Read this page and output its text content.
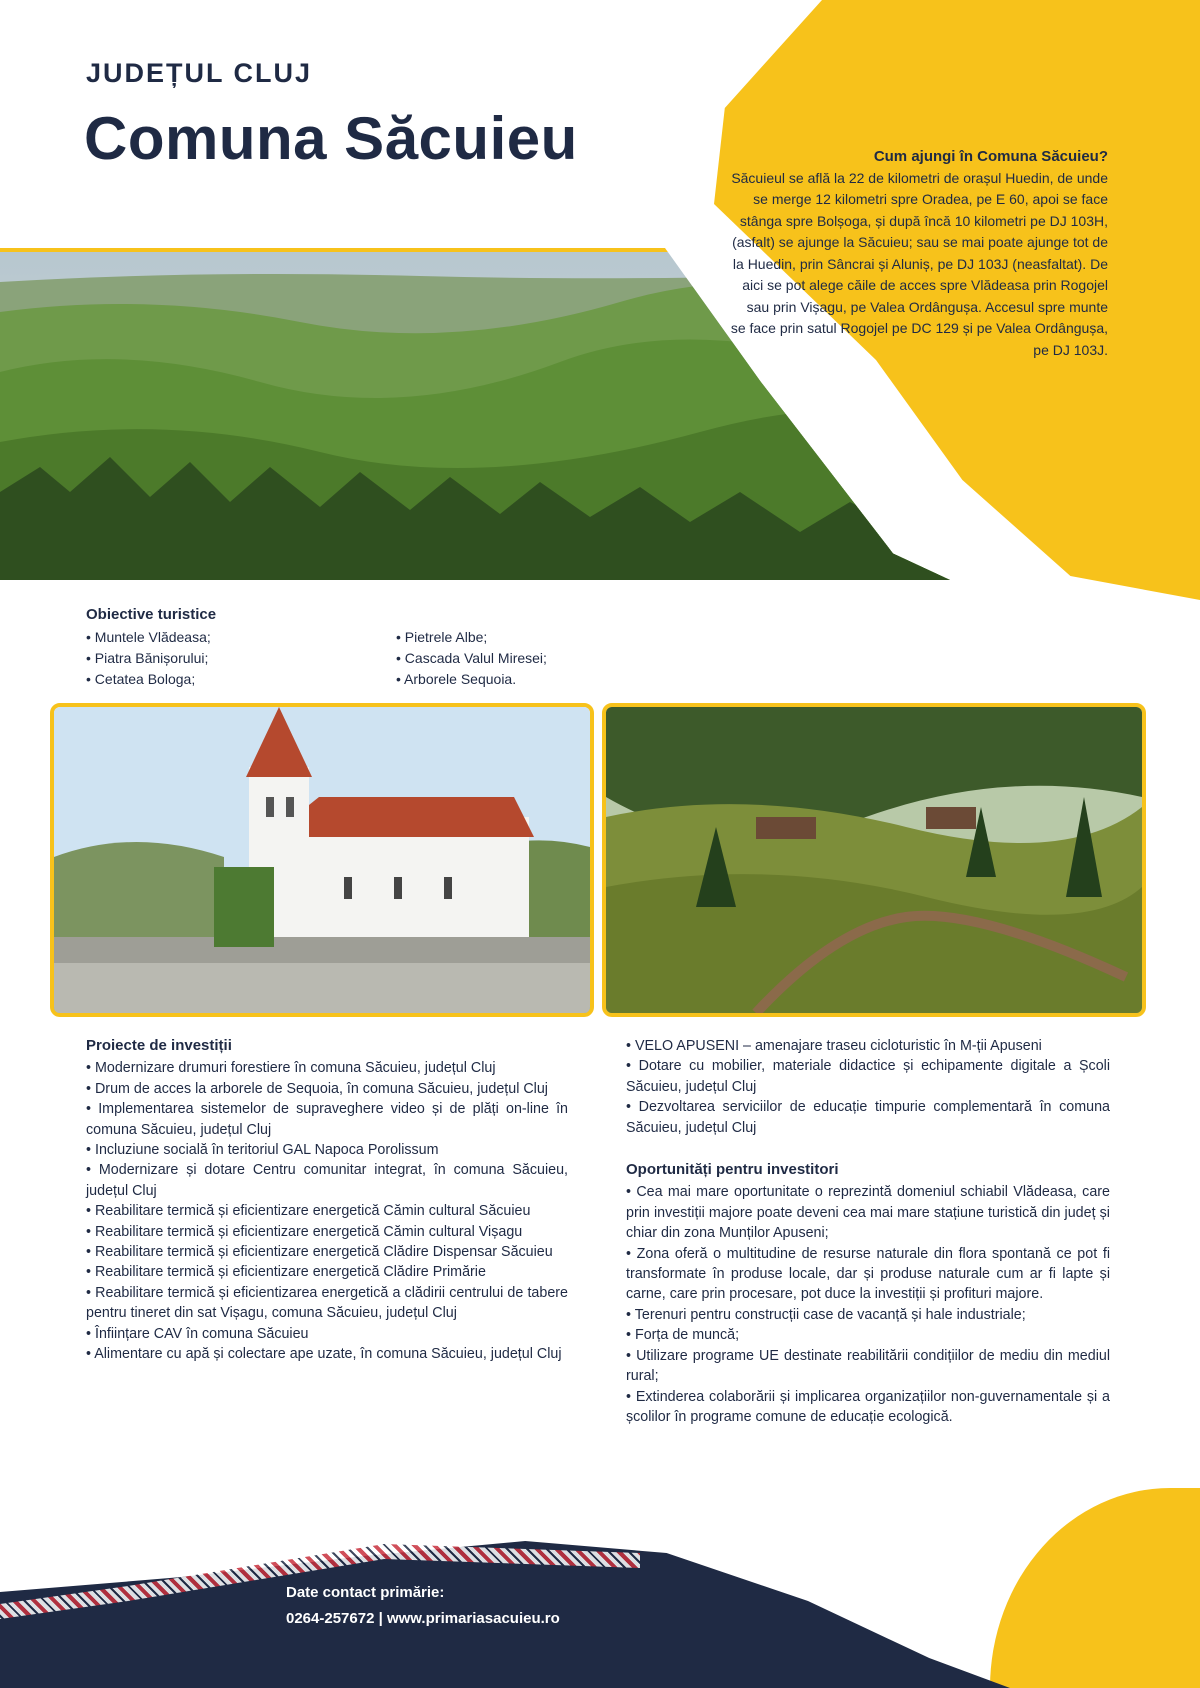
JUDEȚUL CLUJ
Comuna Săcuieu	Cum ajungi în Comuna Săcuieu?

Săcuieul se află la 22 de kilometri de orașul Huedin, de unde se merge 12 kilometri spre Oradea, pe E 60, apoi se face stânga spre Bolșoga, și după încă 10 kilometri pe DJ 103H, (asfalt) se ajunge la Săcuieu; sau se mai poate ajunge tot de la Huedin, prin Sâncrai și Aluniș, pe DJ 103J (neasfaltat). De aici se pot alege căile de acces spre Vlădeasa prin Rogojel sau prin Vișagu, pe Valea Ordângușa. Accesul spre munte se face prin satul Rogojel pe DC 129 și pe Valea Ordângușa, pe DJ 103J.

Obiective turistice
• Muntele Vlădeasa;
• Piatra Bănișorului;
• Cetatea Bologa;
• Pietrele Albe;
• Cascada Valul Miresei;
• Arborele Sequoia.
Proiecte de investiții
• Modernizare drumuri forestiere în comuna Săcuieu, județul Cluj
• Drum de acces la arborele de Sequoia, în comuna Săcuieu, județul Cluj
• Implementarea sistemelor de supraveghere video și de plăți on-line în comuna Săcuieu, județul Cluj
• Incluziune socială în teritoriul GAL Napoca Porolissum
• Modernizare și dotare Centru comunitar integrat, în comuna Săcuieu, județul Cluj
• Reabilitare termică și eficientizare energetică Cămin cultural Săcuieu
• Reabilitare termică și eficientizare energetică Cămin cultural Vișagu
• Reabilitare termică și eficientizare energetică Clădire Dispensar Săcuieu
• Reabilitare termică și eficientizare energetică Clădire Primărie
• Reabilitare termică și eficientizarea energetică a clădirii centrului de tabere pentru tineret din sat Vișagu, comuna Săcuieu, județul Cluj
• Înființare CAV în comuna Săcuieu
• Alimentare cu apă și colectare ape uzate, în comuna Săcuieu, județul Cluj
• VELO APUSENI – amenajare traseu cicloturistic în M-ții Apuseni
• Dotare cu mobilier, materiale didactice și echipamente digitale a Școli Săcuieu, județul Cluj
• Dezvoltarea serviciilor de educație timpurie complementară în comuna Săcuieu, județul Cluj
Oportunități pentru investitori
• Cea mai mare oportunitate o reprezintă domeniul schiabil Vlădeasa, care prin investiții majore poate deveni cea mai mare stațiune turistică din județ și chiar din zona Munților Apuseni;
• Zona oferă o multitudine de resurse naturale din flora spontană ce pot fi transformate în produse locale, dar și produse naturale cum ar fi lapte și carne, care prin procesare, pot duce la investiții și profituri majore.
• Terenuri pentru construcții case de vacanță și hale industriale;
• Forța de muncă;
• Utilizare programe UE destinate reabilitării condițiilor de mediu din mediul rural;
• Extinderea colaborării și implicarea organizațiilor non-guvernamentale și a școlilor în programe comune de educație ecologică.

Date contact primărie:

0264-257672 | www.primariasacuieu.ro
